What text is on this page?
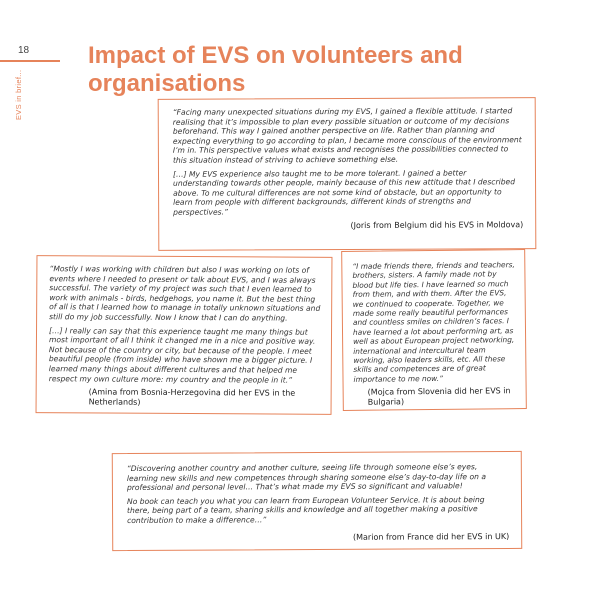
18
EVS in brief...
Impact of EVS on volunteers and organisations

“Facing many unexpected situations during my EVS, I gained a flexible attitude. I started realising that it’s impossible to plan every possible situation or outcome of my decisions beforehand. This way I gained another perspective on life. Rather than planning and expecting everything to go according to plan, I became more conscious of the environment I’m in. This perspective values what exists and recognises the possibilities connected to this situation instead of striving to achieve something else.

[…] My EVS experience also taught me to be more tolerant. I gained a better understanding towards other people, mainly because of this new attitude that I described above. To me cultural differences are not some kind of obstacle, but an opportunity to learn from people with different backgrounds, different kinds of strengths and perspectives.”

(Joris from Belgium did his EVS in Moldova)

“Mostly I was working with children but also I was working on lots of events where I needed to present or talk about EVS, and I was always successful. The variety of my project was such that I even learned to work with animals - birds, hedgehogs, you name it. But the best thing of all is that I learned how to manage in totally unknown situations and still do my job successfully. Now I know that I can do anything.

[…] I really can say that this experience taught me many things but most important of all I think it changed me in a nice and positive way. Not because of the country or city, but because of the people. I meet beautiful people (from inside) who have shown me a bigger picture. I learned many things about different cultures and that helped me respect my own culture more: my country and the people in it.”

(Amina from Bosnia-Herzegovina did her EVS in the Netherlands)

“I made friends there, friends and teachers, brothers, sisters. A family made not by blood but life ties. I have learned so much from them, and with them. After the EVS, we continued to cooperate. Together, we made some really beautiful performances and countless smiles on children’s faces. I have learned a lot about performing art, as well as about European project networking, international and intercultural team working, also leaders skills, etc. All these skills and competences are of great importance to me now.”

(Mojca from Slovenia did her EVS in Bulgaria)

“Discovering another country and another culture, seeing life through someone else’s eyes, learning new skills and new competences through sharing someone else’s day-to-day life on a professional and personal level… That’s what made my EVS so significant and valuable!

No book can teach you what you can learn from European Volunteer Service. It is about being there, being part of a team, sharing skills and knowledge and all together making a positive contribution to make a difference…”

(Marion from France did her EVS in UK)
